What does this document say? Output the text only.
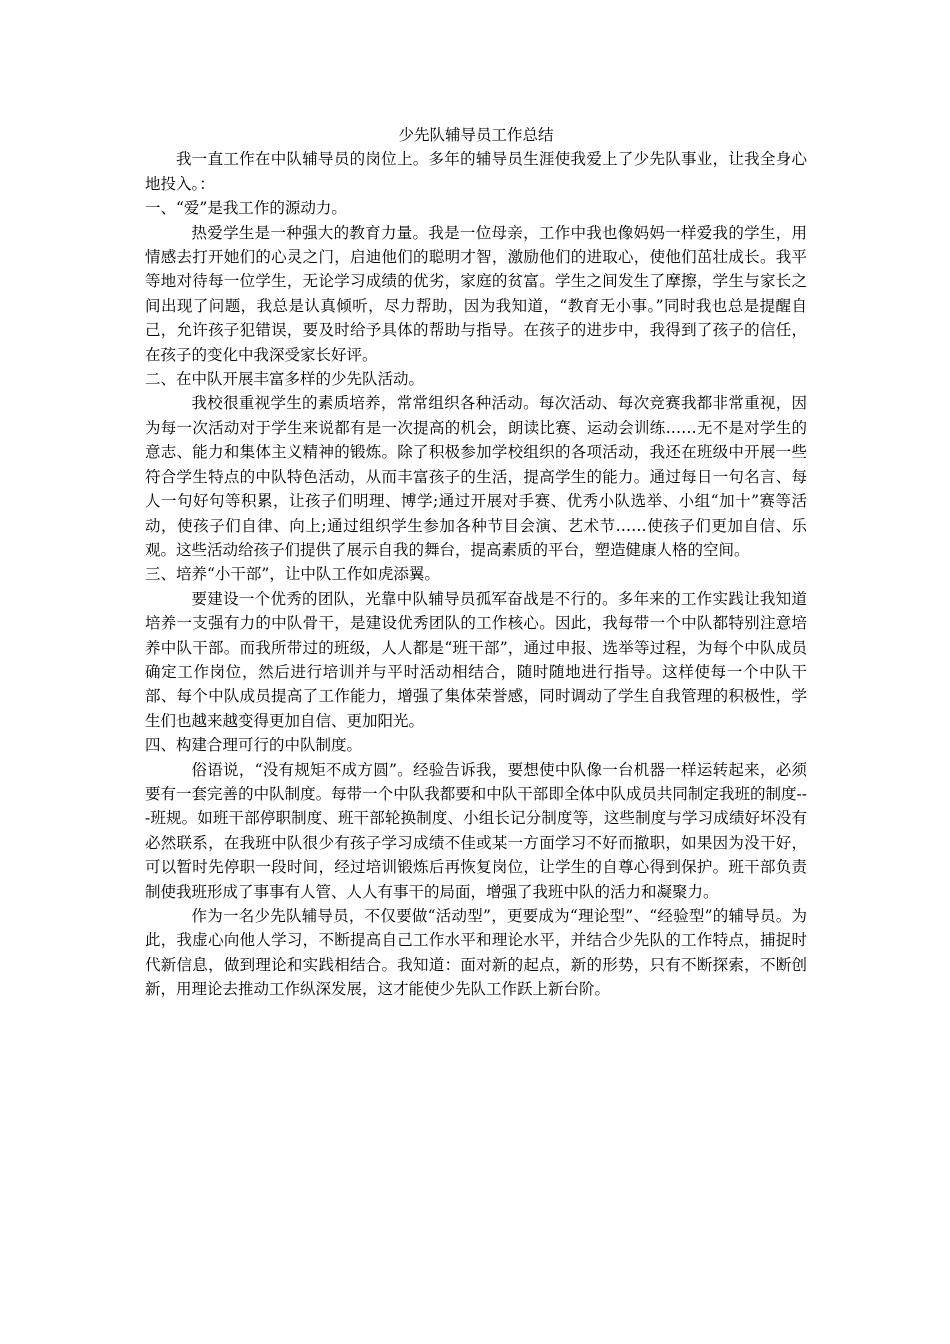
少先队辅导员工作总结

我一直工作在中队辅导员的岗位上。多年的辅导员生涯使我爱上了少先队事业，让我全身心地投入。：

一、“爱”是我工作的源动力。

热爱学生是一种强大的教育力量。我是一位母亲，工作中我也像妈妈一样爱我的学生，用情感去打开她们的心灵之门，启迪他们的聪明才智，激励他们的进取心，使他们茁壮成长。我平等地对待每一位学生，无论学习成绩的优劣，家庭的贫富。学生之间发生了摩擦，学生与家长之间出现了问题，我总是认真倾听，尽力帮助，因为我知道，“教育无小事。”同时我也总是提醒自己，允许孩子犯错误，要及时给予具体的帮助与指导。在孩子的进步中，我得到了孩子的信任，在孩子的变化中我深受家长好评。

二、在中队开展丰富多样的少先队活动。

我校很重视学生的素质培养，常常组织各种活动。每次活动、每次竞赛我都非常重视，因为每一次活动对于学生来说都有是一次提高的机会，朗读比赛、运动会训练……无不是对学生的意志、能力和集体主义精神的锻炼。除了积极参加学校组织的各项活动，我还在班级中开展一些符合学生特点的中队特色活动，从而丰富孩子的生活，提高学生的能力。通过每日一句名言、每人一句好句等积累，让孩子们明理、博学;通过开展对手赛、优秀小队选举、小组“加十”赛等活动，使孩子们自律、向上;通过组织学生参加各种节目会演、艺术节……使孩子们更加自信、乐观。这些活动给孩子们提供了展示自我的舞台，提高素质的平台，塑造健康人格的空间。

三、培养“小干部”，让中队工作如虎添翼。

要建设一个优秀的团队，光靠中队辅导员孤军奋战是不行的。多年来的工作实践让我知道培养一支强有力的中队骨干，是建设优秀团队的工作核心。因此，我每带一个中队都特别注意培养中队干部。而我所带过的班级，人人都是“班干部”，通过申报、选举等过程，为每个中队成员确定工作岗位，然后进行培训并与平时活动相结合，随时随地进行指导。这样使每一个中队干部、每个中队成员提高了工作能力，增强了集体荣誉感，同时调动了学生自我管理的积极性，学生们也越来越变得更加自信、更加阳光。

四、构建合理可行的中队制度。

俗语说，“没有规矩不成方圆”。经验告诉我，要想使中队像一台机器一样运转起来，必须要有一套完善的中队制度。每带一个中队我都要和中队干部即全体中队成员共同制定我班的制度---班规。如班干部停职制度、班干部轮换制度、小组长记分制度等，这些制度与学习成绩好坏没有必然联系，在我班中队很少有孩子学习成绩不佳或某一方面学习不好而撤职，如果因为没干好，可以暂时先停职一段时间，经过培训锻炼后再恢复岗位，让学生的自尊心得到保护。班干部负责制使我班形成了事事有人管、人人有事干的局面，增强了我班中队的活力和凝聚力。

作为一名少先队辅导员，不仅要做“活动型”，更要成为“理论型”、“经验型”的辅导员。为此，我虚心向他人学习，不断提高自己工作水平和理论水平，并结合少先队的工作特点，捕捉时代新信息，做到理论和实践相结合。我知道：面对新的起点，新的形势，只有不断探索，不断创新，用理论去推动工作纵深发展，这才能使少先队工作跃上新台阶。
